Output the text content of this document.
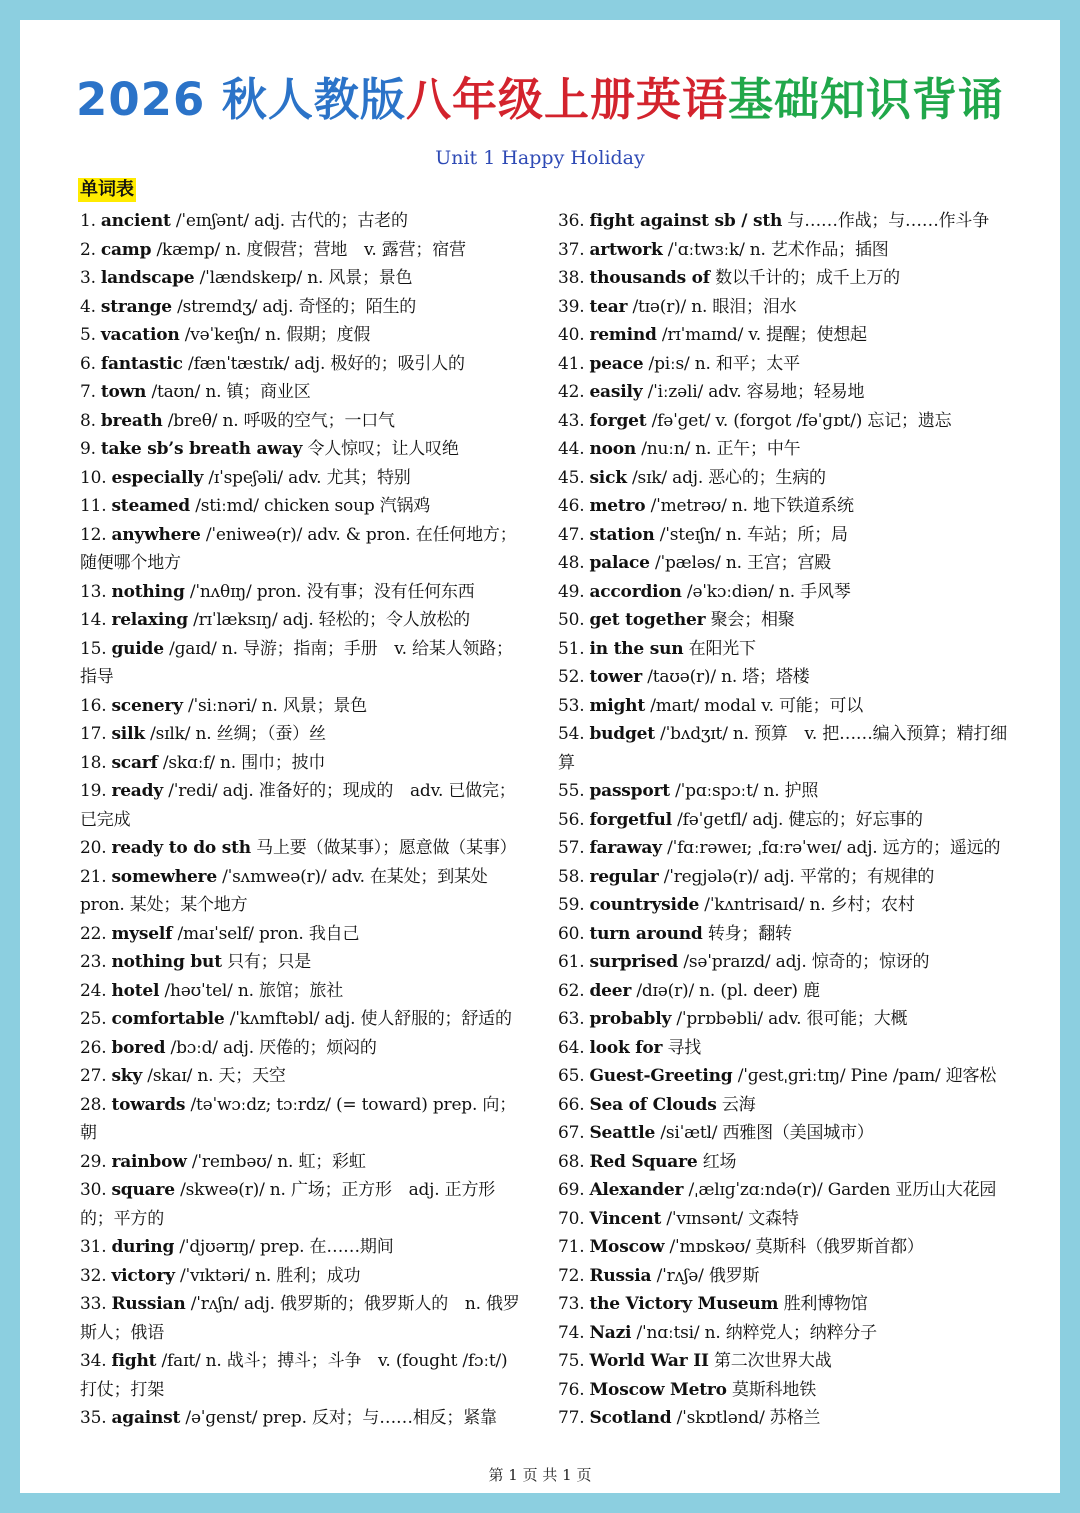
2026 秋人教版八年级上册英语基础知识背诵
Unit 1 Happy Holiday
单词表
1. ancient /ˈeɪnʃənt/ adj. 古代的；古老的
2. camp /kæmp/ n. 度假营；营地　v. 露营；宿营
3. landscape /ˈlændskeɪp/ n. 风景；景色
4. strange /streɪndʒ/ adj. 奇怪的；陌生的
5. vacation /vəˈkeɪʃn/ n. 假期；度假
6. fantastic /fænˈtæstɪk/ adj. 极好的；吸引人的
7. town /taʊn/ n. 镇；商业区
8. breath /breθ/ n. 呼吸的空气；一口气
9. take sb’s breath away 令人惊叹；让人叹绝
10. especially /ɪˈspeʃəli/ adv. 尤其；特别
11. steamed /stiːmd/ chicken soup 汽锅鸡
12. anywhere /ˈeniweə(r)/ adv. & pron. 在任何地方；随便哪个地方
13. nothing /ˈnʌθɪŋ/ pron. 没有事；没有任何东西
14. relaxing /rɪˈlæksɪŋ/ adj. 轻松的；令人放松的
15. guide /ɡaɪd/ n. 导游；指南；手册　v. 给某人领路；指导
16. scenery /ˈsiːnəri/ n. 风景；景色
17. silk /sɪlk/ n. 丝绸；（蚕）丝
18. scarf /skɑːf/ n. 围巾；披巾
19. ready /ˈredi/ adj. 准备好的；现成的　adv. 已做完；已完成
20. ready to do sth 马上要（做某事）；愿意做（某事）
21. somewhere /ˈsʌmweə(r)/ adv. 在某处；到某处 pron. 某处；某个地方
22. myself /maɪˈself/ pron. 我自己
23. nothing but 只有；只是
24. hotel /həʊˈtel/ n. 旅馆；旅社
25. comfortable /ˈkʌmftəbl/ adj. 使人舒服的；舒适的
26. bored /bɔːd/ adj. 厌倦的；烦闷的
27. sky /skaɪ/ n. 天；天空
28. towards /təˈwɔːdz; tɔːrdz/ (= toward) prep. 向；朝
29. rainbow /ˈreɪnbəʊ/ n. 虹；彩虹
30. square /skweə(r)/ n. 广场；正方形　adj. 正方形的；平方的
31. during /ˈdjʊərɪŋ/ prep. 在……期间
32. victory /ˈvɪktəri/ n. 胜利；成功
33. Russian /ˈrʌʃn/ adj. 俄罗斯的；俄罗斯人的　n. 俄罗斯人；俄语
34. fight /faɪt/ n. 战斗；搏斗；斗争　v. (fought /fɔːt/) 打仗；打架
35. against /əˈɡenst/ prep. 反对；与……相反；紧靠
36. fight against sb / sth 与……作战；与……作斗争
37. artwork /ˈɑːtwɜːk/ n. 艺术作品；插图
38. thousands of 数以千计的；成千上万的
39. tear /tɪə(r)/ n. 眼泪；泪水
40. remind /rɪˈmaɪnd/ v. 提醒；使想起
41. peace /piːs/ n. 和平；太平
42. easily /ˈiːzəli/ adv. 容易地；轻易地
43. forget /fəˈɡet/ v. (forgot /fəˈɡɒt/) 忘记；遗忘
44. noon /nuːn/ n. 正午；中午
45. sick /sɪk/ adj. 恶心的；生病的
46. metro /ˈmetrəʊ/ n. 地下铁道系统
47. station /ˈsteɪʃn/ n. 车站；所；局
48. palace /ˈpæləs/ n. 王宫；宫殿
49. accordion /əˈkɔːdiən/ n. 手风琴
50. get together 聚会；相聚
51. in the sun 在阳光下
52. tower /taʊə(r)/ n. 塔；塔楼
53. might /maɪt/ modal v. 可能；可以
54. budget /ˈbʌdʒɪt/ n. 预算　v. 把……编入预算；精打细算
55. passport /ˈpɑːspɔːt/ n. 护照
56. forgetful /fəˈɡetfl/ adj. 健忘的；好忘事的
57. faraway /ˈfɑːrəweɪ; ˌfɑːrəˈweɪ/ adj. 远方的；遥远的
58. regular /ˈreɡjələ(r)/ adj. 平常的；有规律的
59. countryside /ˈkʌntrisaɪd/ n. 乡村；农村
60. turn around 转身；翻转
61. surprised /səˈpraɪzd/ adj. 惊奇的；惊讶的
62. deer /dɪə(r)/ n. (pl. deer) 鹿
63. probably /ˈprɒbəbli/ adv. 很可能；大概
64. look for 寻找
65. Guest-Greeting /ˈɡestˌɡriːtɪŋ/ Pine /paɪn/ 迎客松
66. Sea of Clouds 云海
67. Seattle /siˈætl/ 西雅图（美国城市）
68. Red Square 红场
69. Alexander /ˌælɪɡˈzɑːndə(r)/ Garden 亚历山大花园
70. Vincent /ˈvɪnsənt/ 文森特
71. Moscow /ˈmɒskəʊ/ 莫斯科（俄罗斯首都）
72. Russia /ˈrʌʃə/ 俄罗斯
73. the Victory Museum 胜利博物馆
74. Nazi /ˈnɑːtsi/ n. 纳粹党人；纳粹分子
75. World War II 第二次世界大战
76. Moscow Metro 莫斯科地铁
77. Scotland /ˈskɒtlənd/ 苏格兰
第 1 页 共 1 页
